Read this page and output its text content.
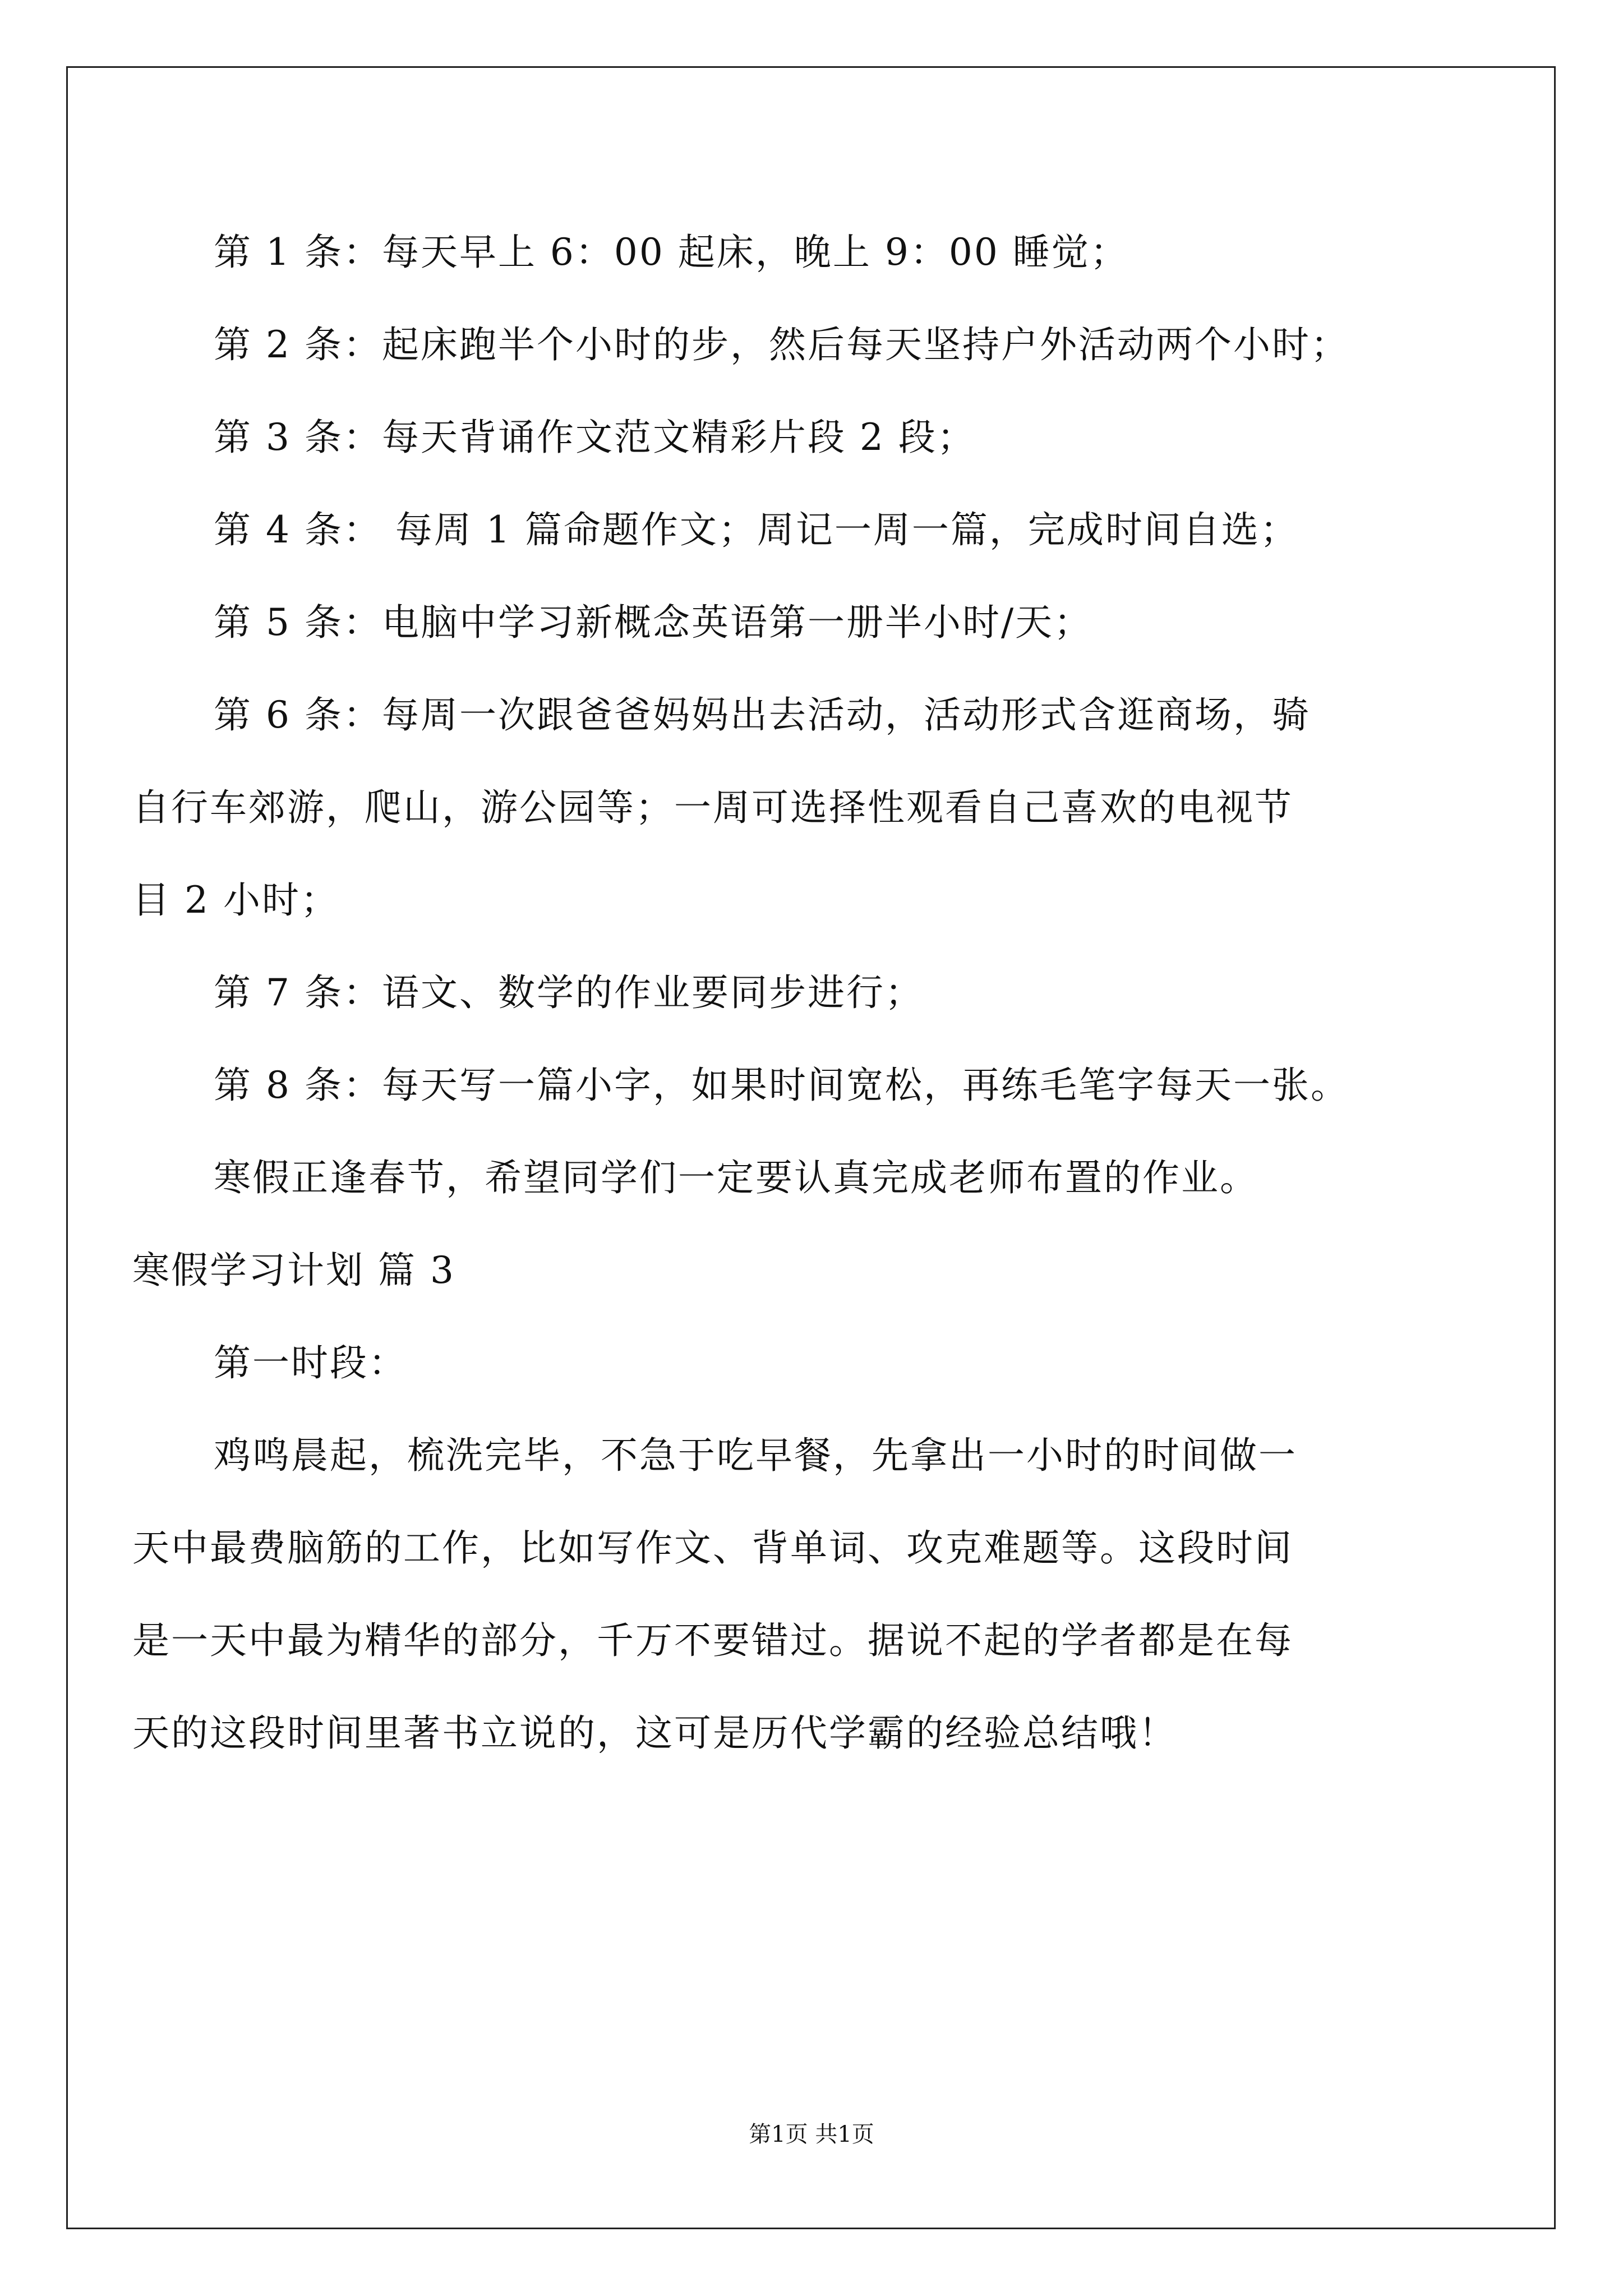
第 1 条：每天早上 6：00 起床，晚上 9：00 睡觉；
第 2 条：起床跑半个小时的步，然后每天坚持户外活动两个小时；
第 3 条：每天背诵作文范文精彩片段 2 段；
第 4 条： 每周 1 篇命题作文；周记一周一篇，完成时间自选；
第 5 条：电脑中学习新概念英语第一册半小时/天；
第 6 条：每周一次跟爸爸妈妈出去活动，活动形式含逛商场，骑
自行车郊游，爬山，游公园等；一周可选择性观看自己喜欢的电视节
目 2 小时；
第 7 条：语文、数学的作业要同步进行；
第 8 条：每天写一篇小字，如果时间宽松，再练毛笔字每天一张。
寒假正逢春节，希望同学们一定要认真完成老师布置的作业。
寒假学习计划 篇 3
第一时段：
鸡鸣晨起，梳洗完毕，不急于吃早餐，先拿出一小时的时间做一
天中最费脑筋的工作，比如写作文、背单词、攻克难题等。这段时间
是一天中最为精华的部分，千万不要错过。据说不起的学者都是在每
天的这段时间里著书立说的，这可是历代学霸的经验总结哦！
第1页 共1页
